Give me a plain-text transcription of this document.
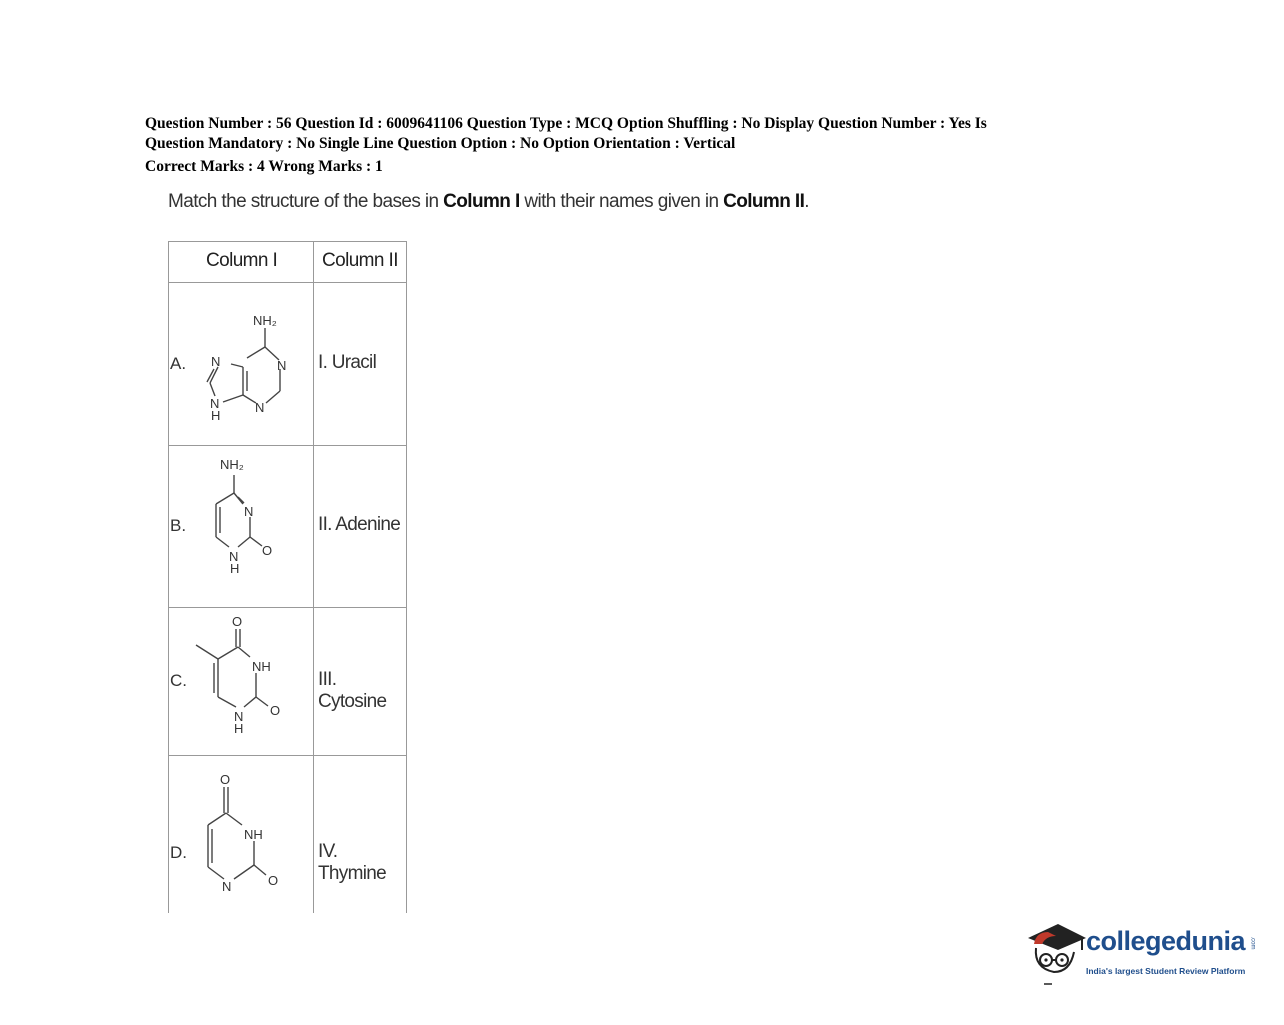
Question Number : 56 Question Id : 6009641106 Question Type : MCQ Option Shuffling : No Display Question Number : Yes Is
Question Mandatory : No Single Line Question Option : No Option Orientation : Vertical
Correct Marks : 4 Wrong Marks : 1
Match the structure of the bases in Column I with their names given in Column II.
Column I Column II
A.
NH₂
N	N
N
N
H
I. Uracil
B.
NH₂
N
N
H
O
II. Adenine
C.
O
NH
N
H
O
III. Cytosine
D.
O
NH
N	O
IV. Thymine
collegedunia .com
India's largest Student Review Platform
